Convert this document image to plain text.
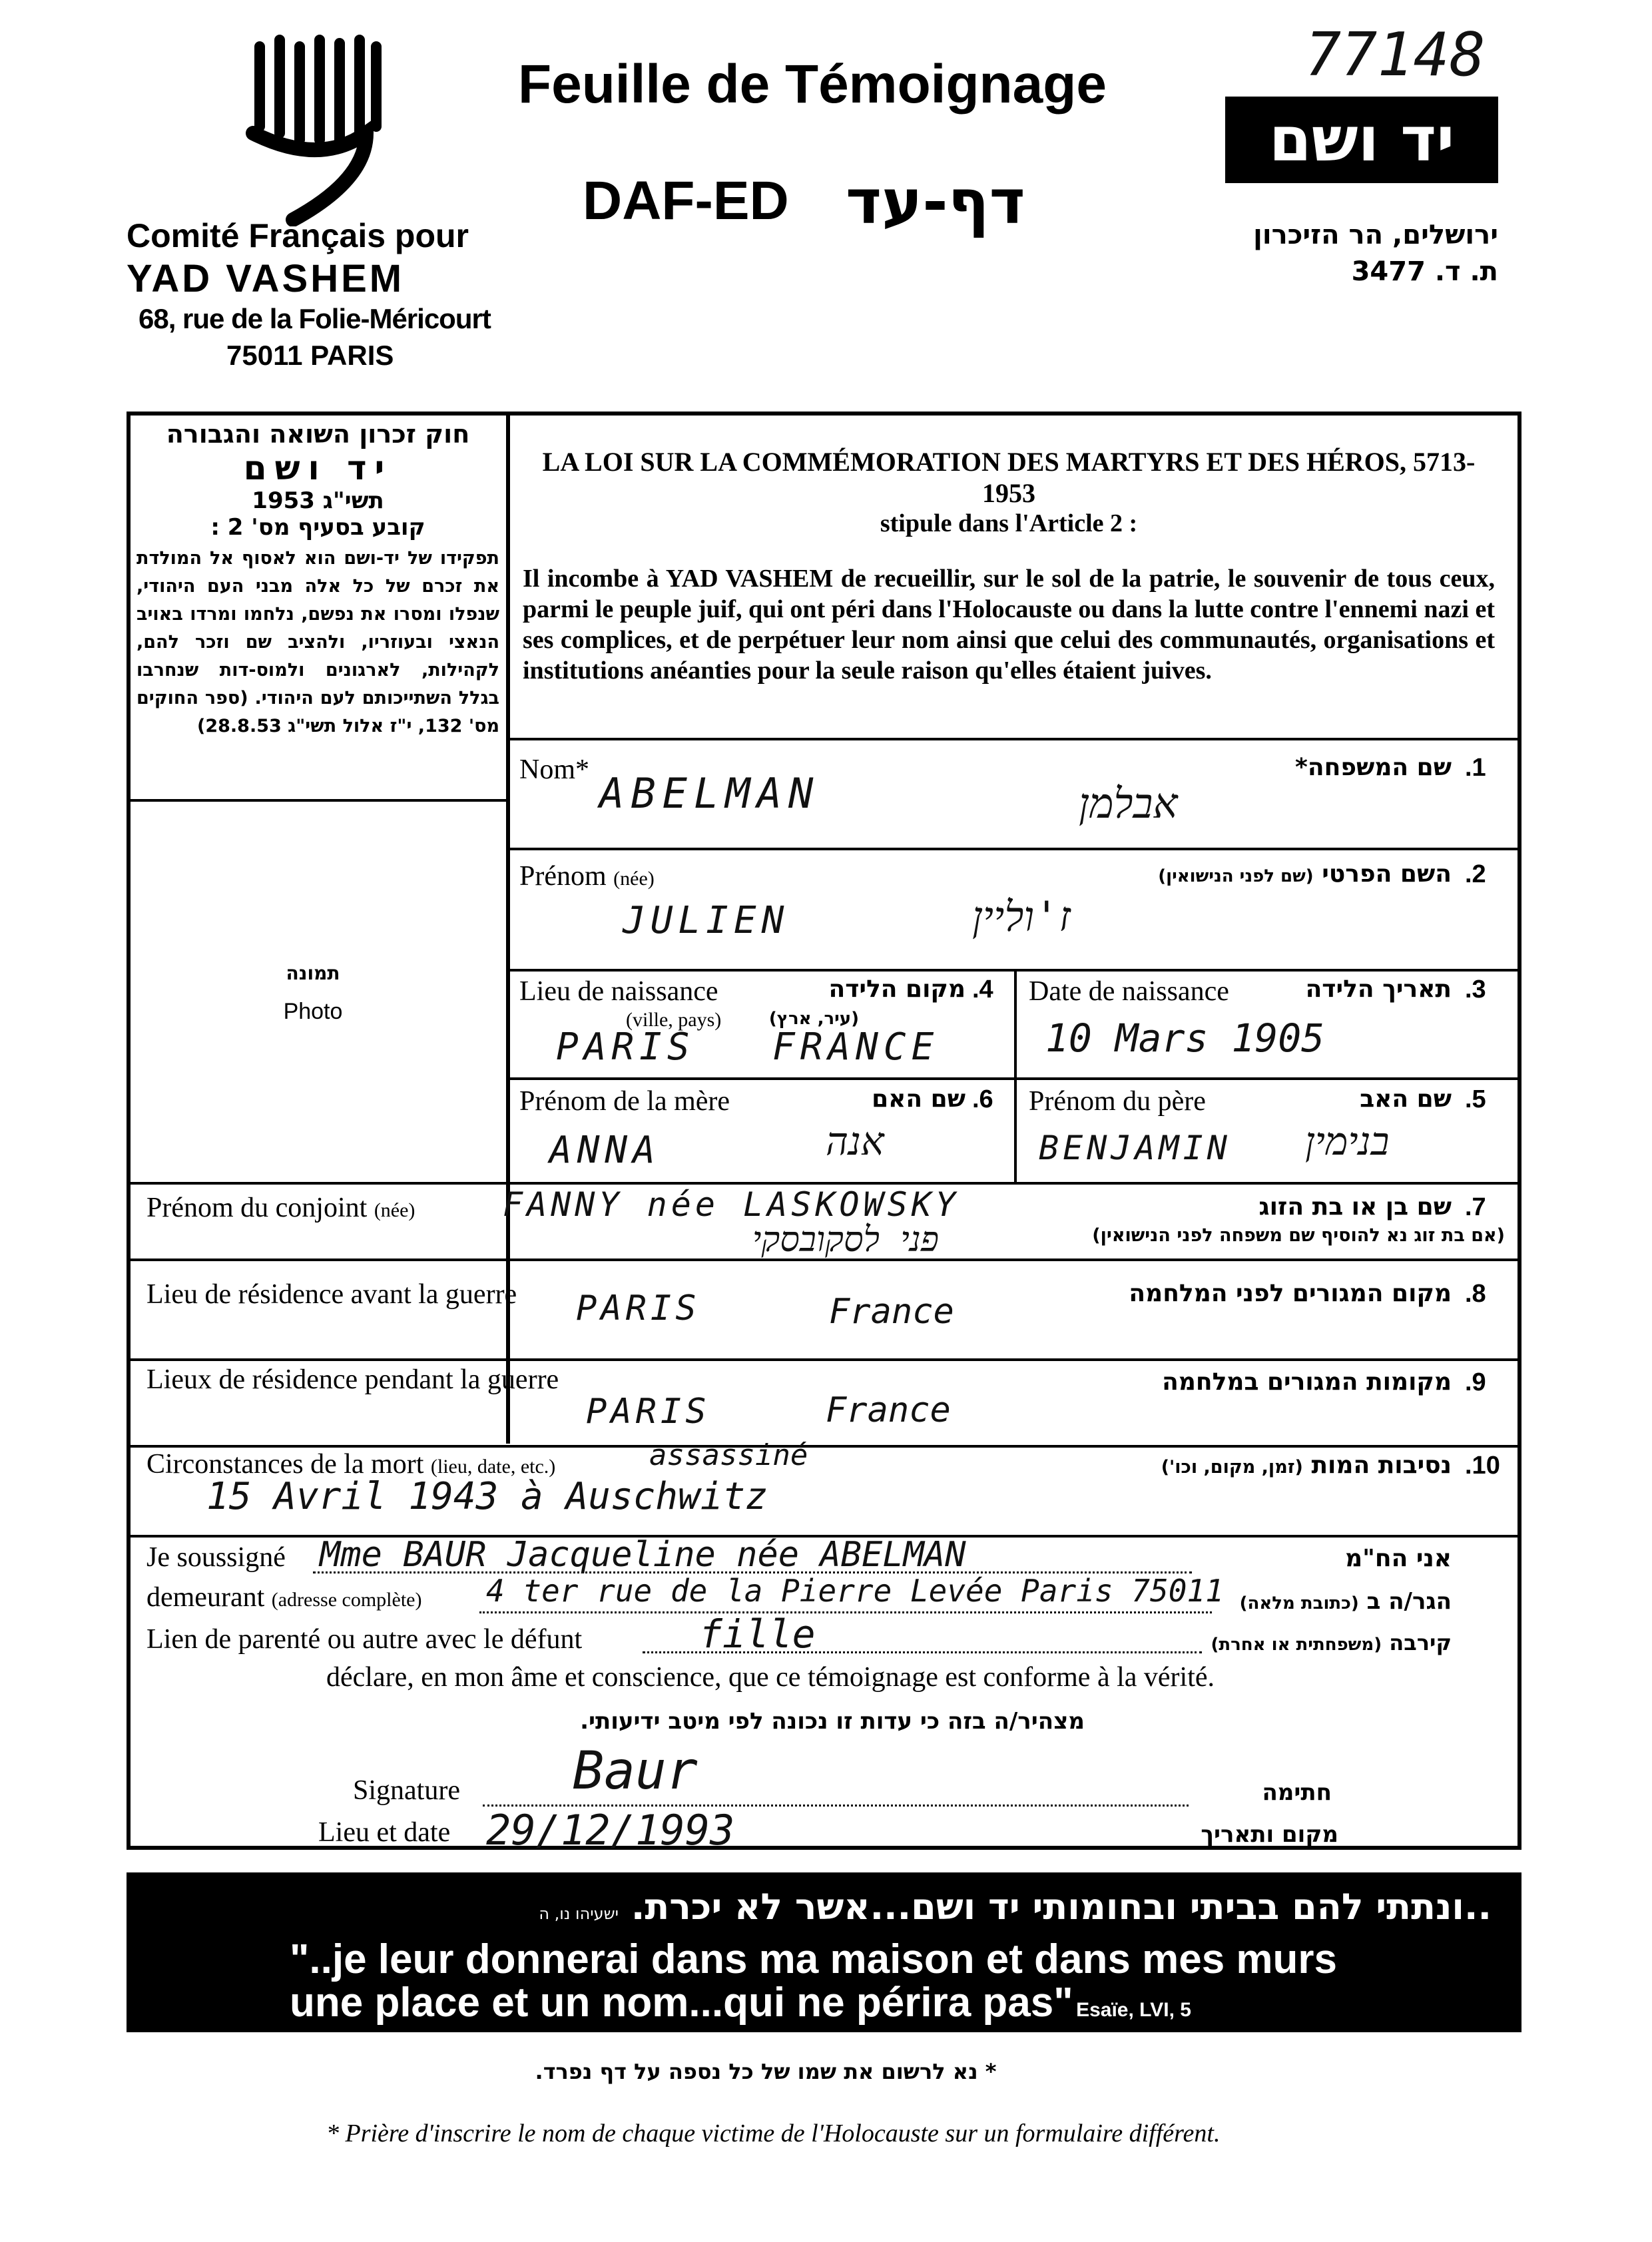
77148
Comité Français pour
YAD VASHEM
68, rue de la Folie-Méricourt
75011 PARIS
Feuille de Témoignage
DAF-ED דף-עד
יד ושם
ירושלים, הר הזיכרון
ת. ד. 3477
חוק זכרון השואה והגבורה
יד ושם
תשי"ג 1953
קובע בסעיף מס' 2 :
תפקידו של יד-ושם הוא לאסוף אל המולדת את זכרם של כל אלה מבני העם היהודי, שנפלו ומסרו את נפשם, נלחמו ומרדו באויב הנאצי ובעוזריו, ולהציב שם וזכר להם, לקהילות, לארגונים ולמוס-דות שנחרבו בגלל השתייכותם לעם היהודי. (ספר החוקים מס' 132, י"ז אלול תשי"ג 28.8.53)
תמונה
Photo
LA LOI SUR LA COMMÉMORATION DES MARTYRS ET DES HÉROS, 5713-1953
stipule dans l'Article 2 :
Il incombe à YAD VASHEM de recueillir, sur le sol de la patrie, le souvenir de tous ceux, parmi le peuple juif, qui ont péri dans l'Holocauste ou dans la lutte contre l'ennemi nazi et ses complices, et de perpétuer leur nom ainsi que celui des communautés, organisations et institutions anéanties pour la seule raison qu'elles étaient juives.
Nom*	שם המשפחה* .1
ABELMAN	אבלמן
Prénom (née)	השם הפרטי (שם לפני הנישואין)	.2
JULIEN	ז'וליין
Lieu de naissance
(ville, pays)
מקום הלידה
(עיר, ארץ)
.4
PARIS FRANCE
Date de naissance	תאריך הלידה .3
10 Mars 1905
Prénom de la mère	שם האם .6
ANNA	אנה
Prénom du père	שם האב .5
BENJAMIN בנימין
Prénom du conjoint (née)	שם בן או בת הזוג
(אם בת זוג נא להוסיף שם משפחה לפני הנישואין)
.7
FANNY née LASKOWSKY
פני לסקובסקי
Lieu de résidence avant la guerre	מקום המגורים לפני המלחמה .8
PARIS	France
Lieux de résidence pendant la guerre	מקומות המגורים במלחמה .9
PARIS	France
Circonstances de la mort (lieu, date, etc.)	נסיבות המות (זמן, מקום, וכו')	.10
assassiné
15 Avril 1943 à Auschwitz
Je soussigné Mme BAUR Jacqueline née ABELMAN	אני הח"מ
demeurant (adresse complète) 4 ter rue de la Pierre Levée Paris 75011	הגר/ה ב (כתובת מלאה)
Lien de parenté ou autre avec le défunt	fille	קירבה (משפחתית או אחרת)
déclare, en mon âme et conscience, que ce témoignage est conforme à la vérité.
מצהיר/ה בזה כי עדות זו נכונה לפי מיטב ידיעותי.
Signature Baur	חתימה
Lieu et date 29/12/1993	מקום ותאריך
..ונתתי להם בביתי ובחומותי יד ושם...אשר לא יכרת. ישעיהו נו, ה
"..je leur donnerai dans ma maison et dans mes murs
une place et un nom...qui ne périra pas" Esaïe, LVI, 5
* נא לרשום את שמו של כל נספה על דף נפרד.
* Prière d'inscrire le nom de chaque victime de l'Holocauste sur un formulaire différent.
